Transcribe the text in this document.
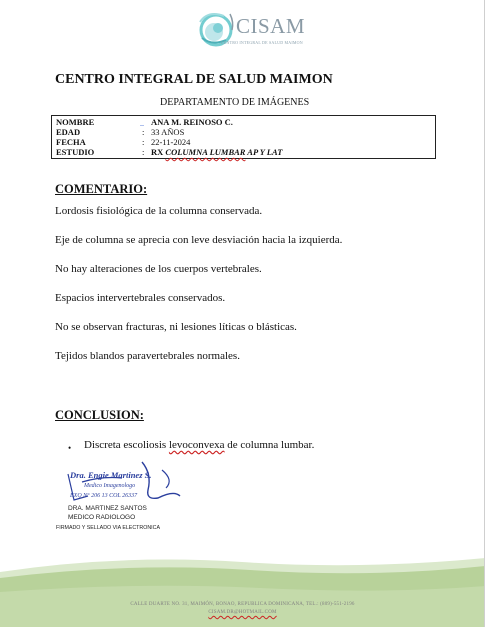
CISAM
CENTRO INTEGRAL DE SALUD MAIMON
CENTRO INTEGRAL DE SALUD MAIMON
DEPARTAMENTO DE IMÁGENES
NOMBRE	.. ANA M. REINOSO C.
EDAD	: 33 AÑOS
FECHA	: 22-11-2024
ESTUDIO	: RX COLUMNA LUMBAR AP Y LAT
COMENTARIO:
Lordosis fisiológica de la columna conservada.
Eje de columna se aprecia con leve desviación hacia la izquierda.
No hay alteraciones de los cuerpos vertebrales.
Espacios intervertebrales conservados.
No se observan fracturas, ni lesiones líticas o blásticas.
Tejidos blandos paravertebrales normales.
CONCLUSION:
• Discreta escoliosis levoconvexa de columna lumbar.
Dra. Engie Martinez S.
Medico Imagenologo
EXQ N° 206 13 COL 26337
DRA. MARTINEZ SANTOS
MEDICO RADIOLOGO
FIRMADO Y SELLADO VIA ELECTRONICA
CALLE DUARTE NO. 31, MAIMÓN, BONAO, REPUBLICA DOMINICANA, TEL.: (809)-551-2196
CISAM.DR@HOTMAIL.COM
